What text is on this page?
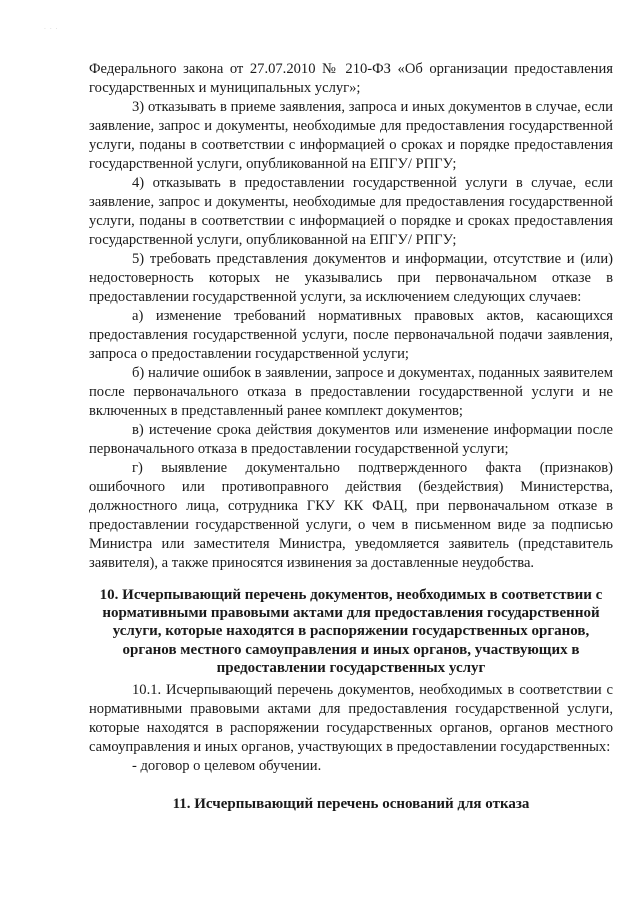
· · ·

Федерального закона от 27.07.2010 № 210-ФЗ «Об организации предоставления государственных и муниципальных услуг»;

3) отказывать в приеме заявления, запроса и иных документов в случае, если заявление, запрос и документы, необходимые для предоставления государственной услуги, поданы в соответствии с информацией о сроках и порядке предоставления государственной услуги, опубликованной на ЕПГУ/ РПГУ;

4) отказывать в предоставлении государственной услуги в случае, если заявление, запрос и документы, необходимые для предоставления государственной услуги, поданы в соответствии с информацией о порядке и сроках предоставления государственной услуги, опубликованной на ЕПГУ/ РПГУ;

5) требовать представления документов и информации, отсутствие и (или) недостоверность которых не указывались при первоначальном отказе в предоставлении государственной услуги, за исключением следующих случаев:

а) изменение требований нормативных правовых актов, касающихся предоставления государственной услуги, после первоначальной подачи заявления, запроса о предоставлении государственной услуги;

б) наличие ошибок в заявлении, запросе и документах, поданных заявителем после первоначального отказа в предоставлении государственной услуги и не включенных в представленный ранее комплект документов;

в) истечение срока действия документов или изменение информации после первоначального отказа в предоставлении государственной услуги;

г) выявление документально подтвержденного факта (признаков) ошибочного или противоправного действия (бездействия) Министерства, должностного лица, сотрудника ГКУ КК ФАЦ, при первоначальном отказе в предоставлении государственной услуги, о чем в письменном виде за подписью Министра или заместителя Министра, уведомляется заявитель (представитель заявителя), а также приносятся извинения за доставленные неудобства.

10. Исчерпывающий перечень документов, необходимых в соответствии с нормативными правовыми актами для предоставления государственной услуги, которые находятся в распоряжении государственных органов, органов местного самоуправления и иных органов, участвующих в предоставлении государственных услуг

10.1. Исчерпывающий перечень документов, необходимых в соответствии с нормативными правовыми актами для предоставления государственной услуги, которые находятся в распоряжении государственных органов, органов местного самоуправления и иных органов, участвующих в предоставлении государственных:

- договор о целевом обучении.

11. Исчерпывающий перечень оснований для отказа
